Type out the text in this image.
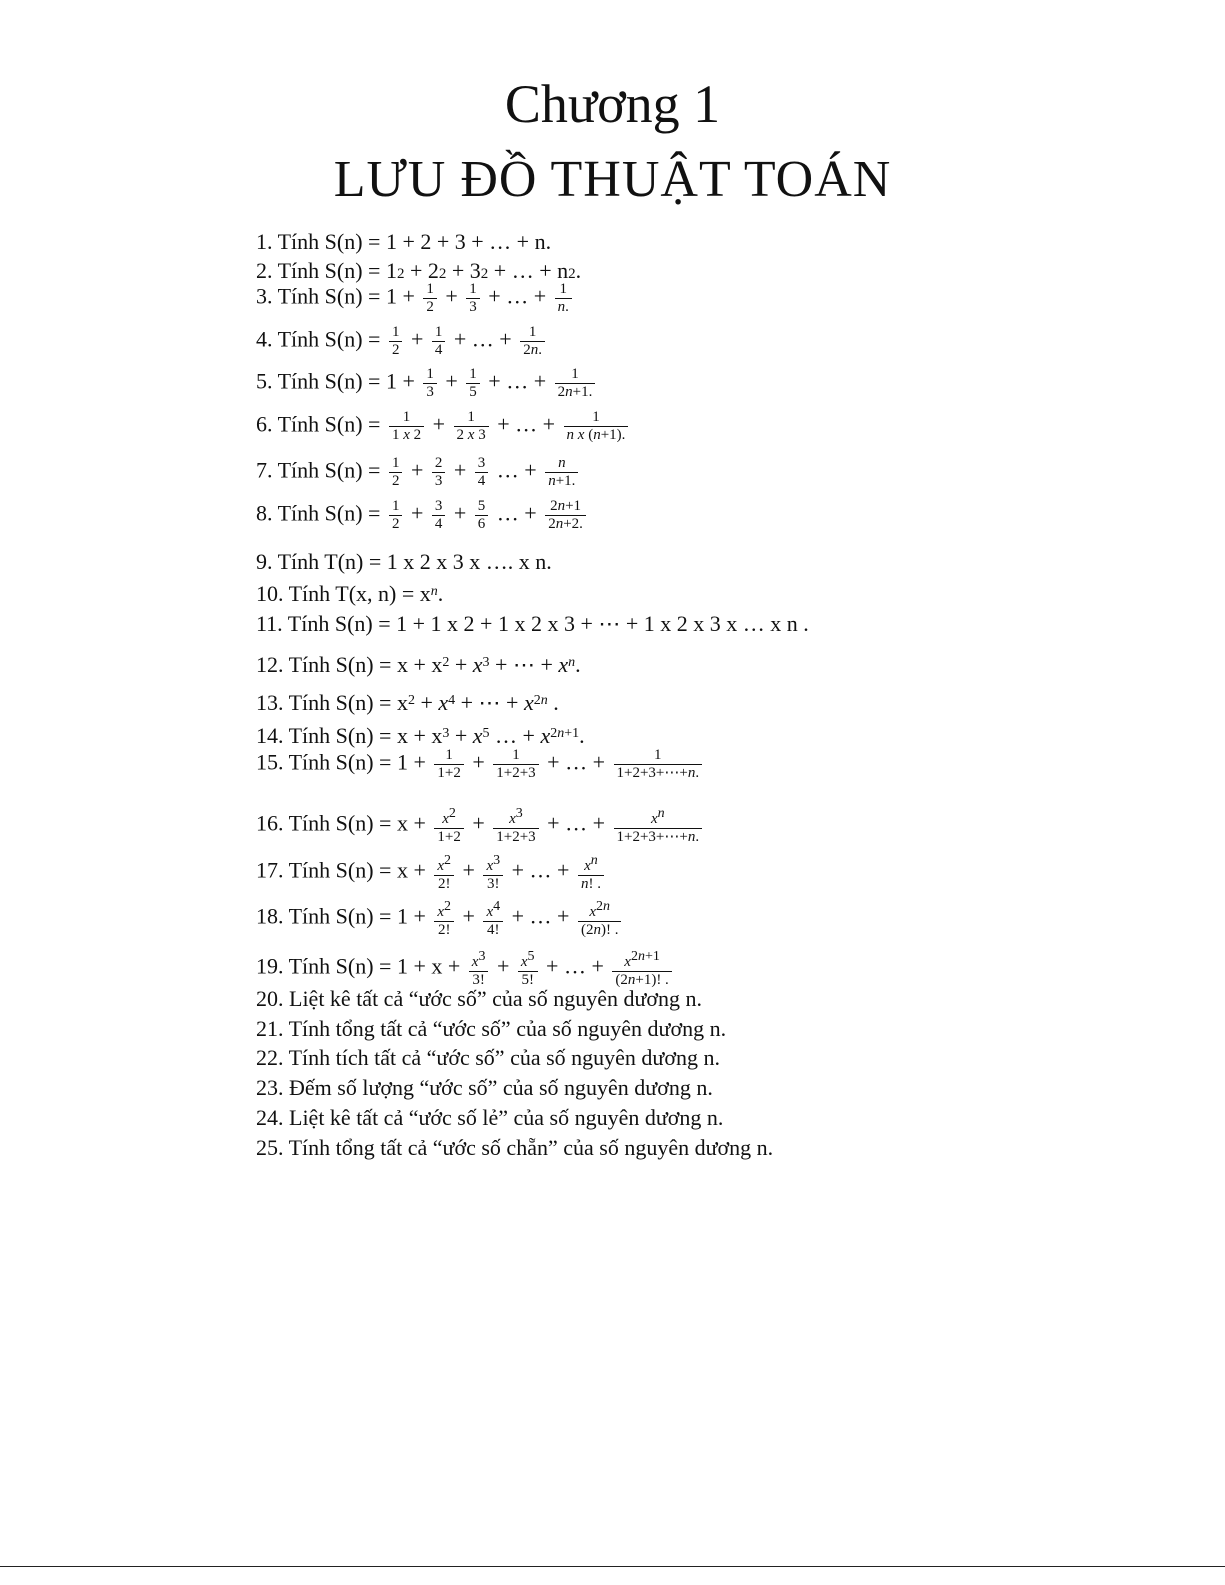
Chương 1
LƯU ĐỒ THUẬT TOÁN
1. Tính S(n) = 1 + 2 + 3 + … + n.
2. Tính S(n) = 12 + 22 + 32 + … + n2.
3. Tính $S(n) = 1 + \frac{1}{2} + \frac{1}{3}$ + … + $\frac{1}{n.}$
4. Tính $S(n) = \frac{1}{2} + \frac{1}{4}$ + … + $\frac{1}{2n.}$
5. Tính $S(n) = 1 + \frac{1}{3} + \frac{1}{5}$ + … + $\frac{1}{2n+1.}$
6. Tính $S(n) = \frac{1}{1 x 2} + \frac{1}{2 x 3}$ + … + $\frac{1}{\text{n x (n+1).}}$
7. Tính $S(n) = \frac{1}{2} + \frac{2}{3} + \frac{3}{4}$ … + $\frac{n}{n+1.}$
8. Tính $S(n) = \frac{1}{2} + \frac{3}{4} + \frac{5}{6}$ … + $\frac{2n+1}{2n+2.}$
9. Tính T(n) = 1 x 2 x 3 x …. x n.
10. Tính T(x, $n) = x^n$.
11. Tính S(n) = 1 + 1 x 2 + 1 x 2 x 3 + ⋯ + 1 x 2 x 3 x … x n .
12. Tính $S(n) = x + x^2 + x^3$ + ⋯ + $x^n$.
13. Tính $S(n) = x^2 + x^4$ + ⋯ + $x^{2n}$ .
14. Tính $S(n) = x + x^3 + x^5$ … + $x^{2n+1}$.
15. Tính $S(n) = 1 + \frac{1}{1+2} + \frac{1}{1+2+3}$ + … + $\frac{1}{1+2+3+\cdots+n.}$
16. Tính $S(n) = x + \frac{x2}{1+2} + \frac{x3}{1+2+3}$ + … + $\frac{xn}{1+2+3+\cdots+n.}$
17. Tính $S(n) = x + \frac{x2}{2!} + \frac{x3}{3!}$ + … + $\frac{xn}{n! .}$
18. Tính $S(n) = 1 + \frac{x2}{2!} + \frac{x4}{4!}$ + … + $\frac{x2n}{(2n)! .}$
19. Tính $S(n) = 1 + x + \frac{x3}{3!} + \frac{x5}{5!}$ + … + $\frac{x2n+1}{(2n+1)! .}$
20. Liệt kê tất cả “ước số” của số nguyên dương n.
21. Tính tổng tất cả “ước số” của số nguyên dương n.
22. Tính tích tất cả “ước số” của số nguyên dương n.
23. Đếm số lượng “ước số” của số nguyên dương n.
24. Liệt kê tất cả “ước số lẻ” của số nguyên dương n.
25. Tính tổng tất cả “ước số chẵn” của số nguyên dương n.
